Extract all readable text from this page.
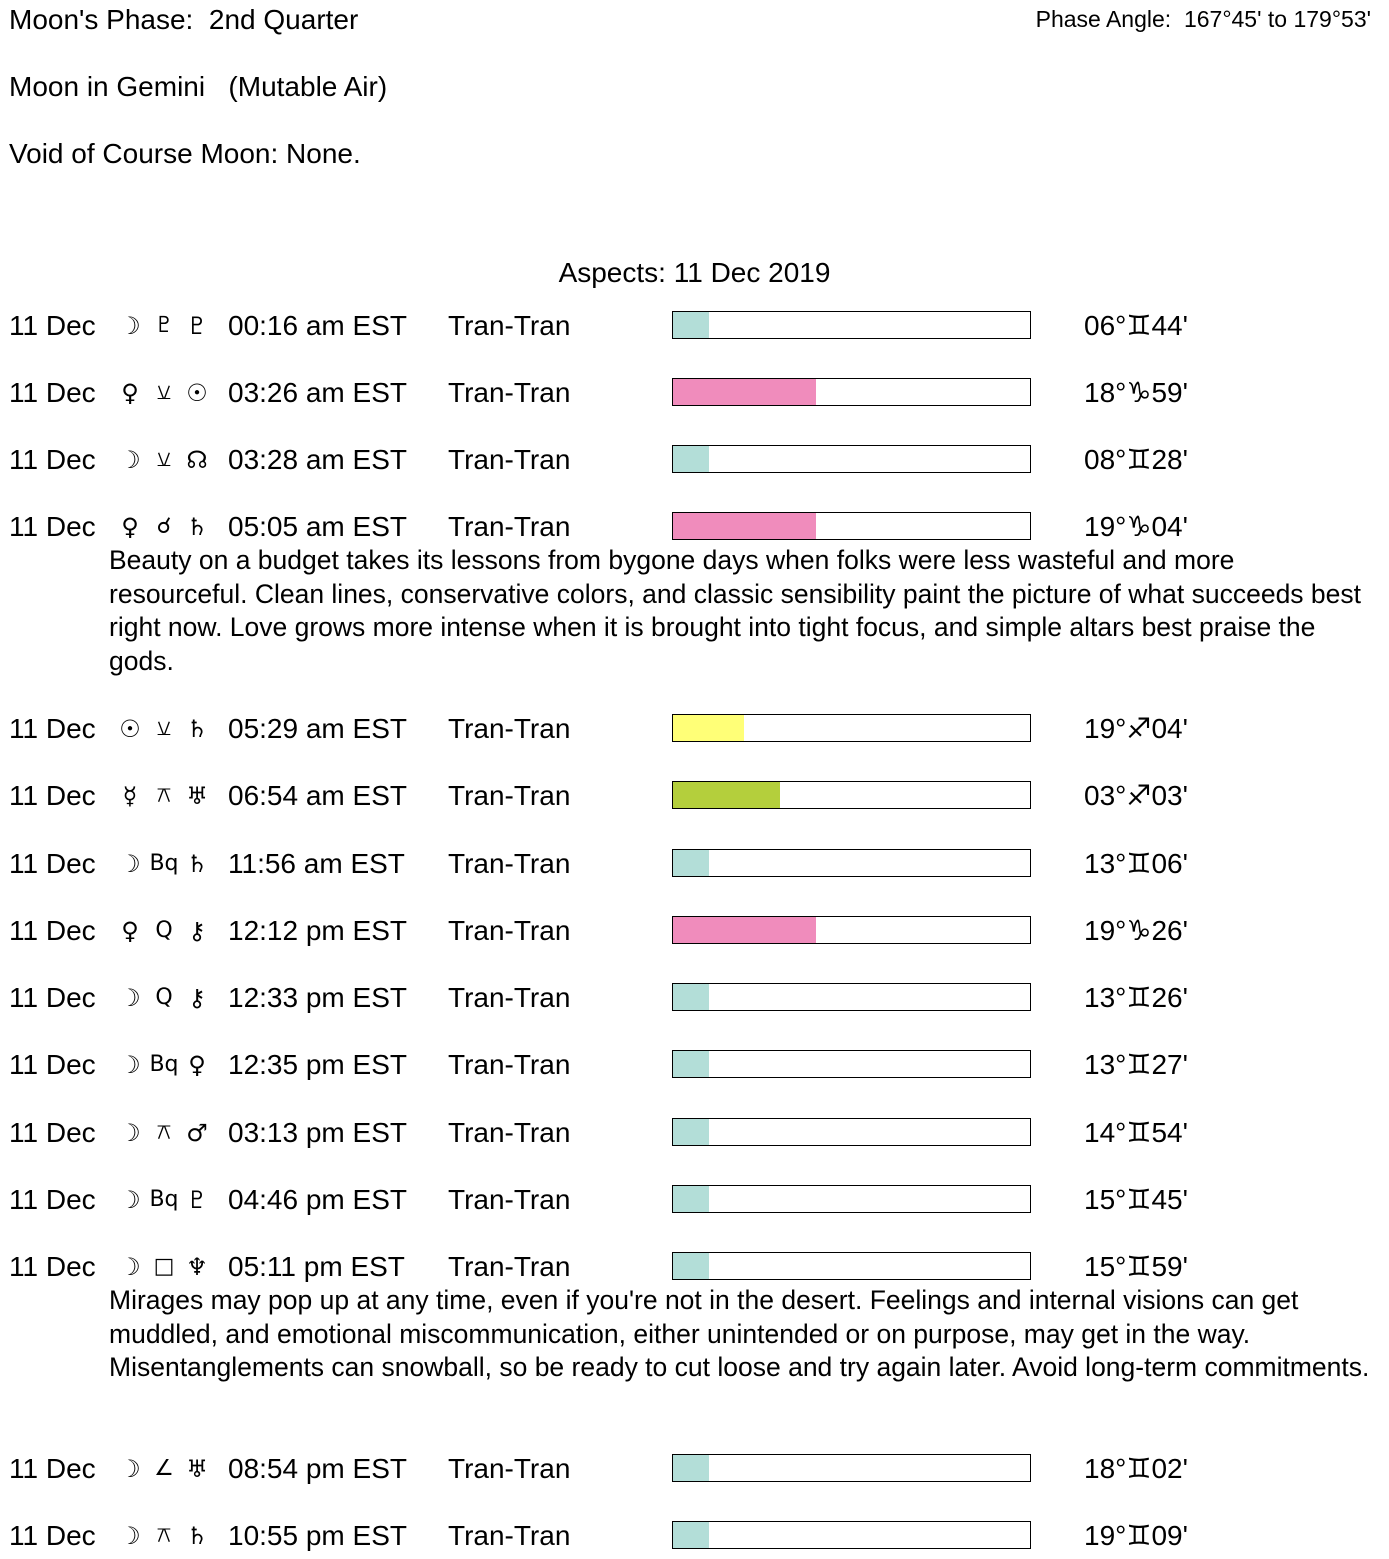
Moon's Phase:  2nd Quarter	Phase Angle:  167°45' to 179°53'
Moon in Gemini   (Mutable Air)
Void of Course Moon: None.
Aspects: 11 Dec 2019
11 Dec ☽ ♇ ♇ 00:16 am EST Tran-Tran	06°♊44'
11 Dec	♀ ⚺ ☉ 03:26 am EST Tran-Tran	18°♑59'
11 Dec ☽ ⚺ ☊ 03:28 am EST Tran-Tran	08°♊28'
11 Dec	♀ ☌ ♄ 05:05 am EST Tran-Tran	19°♑04'
Beauty on a budget takes its lessons from bygone days when folks were less wasteful and more resourceful. Clean lines, conservative colors, and classic sensibility paint the picture of what succeeds best right now. Love grows more intense when it is brought into tight focus, and simple altars best praise the gods.
11 Dec ☉ ⚺ ♄ 05:29 am EST Tran-Tran	19°♐04'
11 Dec	☿ ⚻ ♅ 06:54 am EST Tran-Tran	03°♐03'
11 Dec ☽ Bq ♄ 11:56 am EST Tran-Tran	13°♊06'
11 Dec	♀ Q ⚷ 12:12 pm EST Tran-Tran	19°♑26'
11 Dec ☽ Q ⚷ 12:33 pm EST Tran-Tran	13°♊26'
11 Dec ☽ Bq ♀ 12:35 pm EST Tran-Tran	13°♊27'
11 Dec ☽ ⚻ ♂ 03:13 pm EST Tran-Tran	14°♊54'
11 Dec ☽ Bq ♇ 04:46 pm EST Tran-Tran	15°♊45'
11 Dec ☽ □ ♆ 05:11 pm EST Tran-Tran	15°♊59'
Mirages may pop up at any time, even if you're not in the desert. Feelings and internal visions can get muddled, and emotional miscommunication, either unintended or on purpose, may get in the way. Misentanglements can snowball, so be ready to cut loose and try again later. Avoid long-term commitments.
11 Dec ☽ ∠ ♅ 08:54 pm EST Tran-Tran	18°♊02'
11 Dec ☽ ⚻ ♄ 10:55 pm EST Tran-Tran	19°♊09'
